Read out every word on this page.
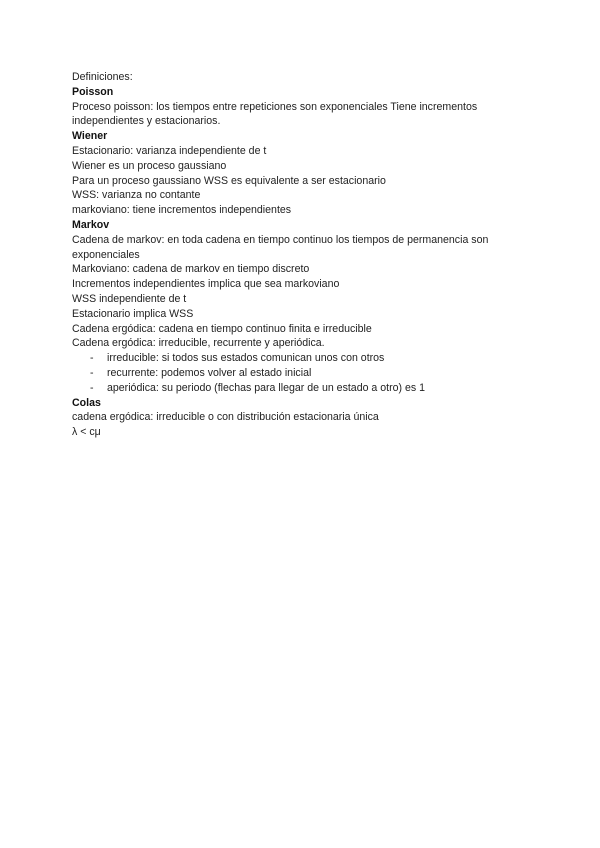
Definiciones:

Poisson

Proceso poisson: los tiempos entre repeticiones son exponenciales Tiene incrementos independientes y estacionarios.

Wiener

Estacionario: varianza independiente de t

Wiener es un proceso gaussiano

Para un proceso gaussiano WSS es equivalente a ser estacionario

WSS: varianza no contante

markoviano: tiene incrementos independientes

Markov

Cadena de markov: en toda cadena en tiempo continuo los tiempos de permanencia son exponenciales

Markoviano: cadena de markov en tiempo discreto

Incrementos independientes implica que sea markoviano

WSS independiente de t

Estacionario implica WSS

Cadena ergódica: cadena en tiempo continuo finita e irreducible

Cadena ergódica: irreducible, recurrente y aperiódica.

- irreducible: si todos sus estados comunican unos con otros
- recurrente: podemos volver al estado inicial
- aperiódica: su periodo (flechas para llegar de un estado a otro) es 1

Colas

cadena ergódica: irreducible o con distribución estacionaria única

λ < cμ
